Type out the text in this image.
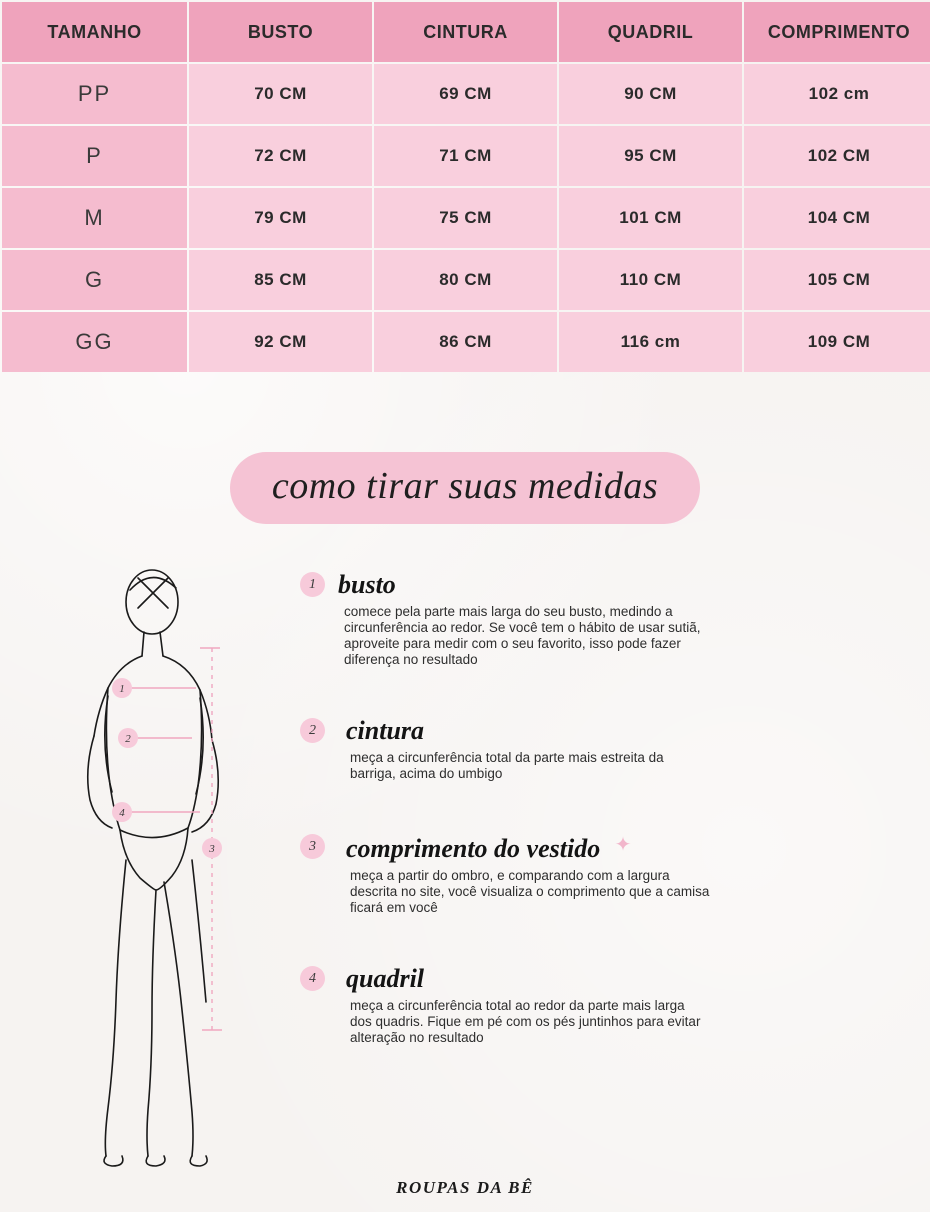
TAMANHO	BUSTO	CINTURA	QUADRIL	COMPRIMENTO
PP	70 CM	69 CM	90 CM	102 cm
P	72 CM	71 CM	95 CM	102 CM
M	79 CM	75 CM	101 CM	104 CM
G	85 CM	80 CM	110 CM	105 CM
GG	92 CM	86 CM	116 cm	109 CM
como tirar suas medidas
1
2
4
3
1 busto

comece pela parte mais larga do seu busto, medindo a circunferência ao redor. Se você tem o hábito de usar sutiã, aproveite para medir com o seu favorito, isso pode fazer diferença no resultado

2	cintura

meça a circunferência total da parte mais estreita da barriga, acima do umbigo

3	comprimento do vestido ✦

meça a partir do ombro, e comparando com a largura descrita no site, você visualiza o comprimento que a camisa ficará em você

4	quadril

meça a circunferência total ao redor da parte mais larga dos quadris. Fique em pé com os pés juntinhos para evitar alteração no resultado

ROUPAS DA BÊ
